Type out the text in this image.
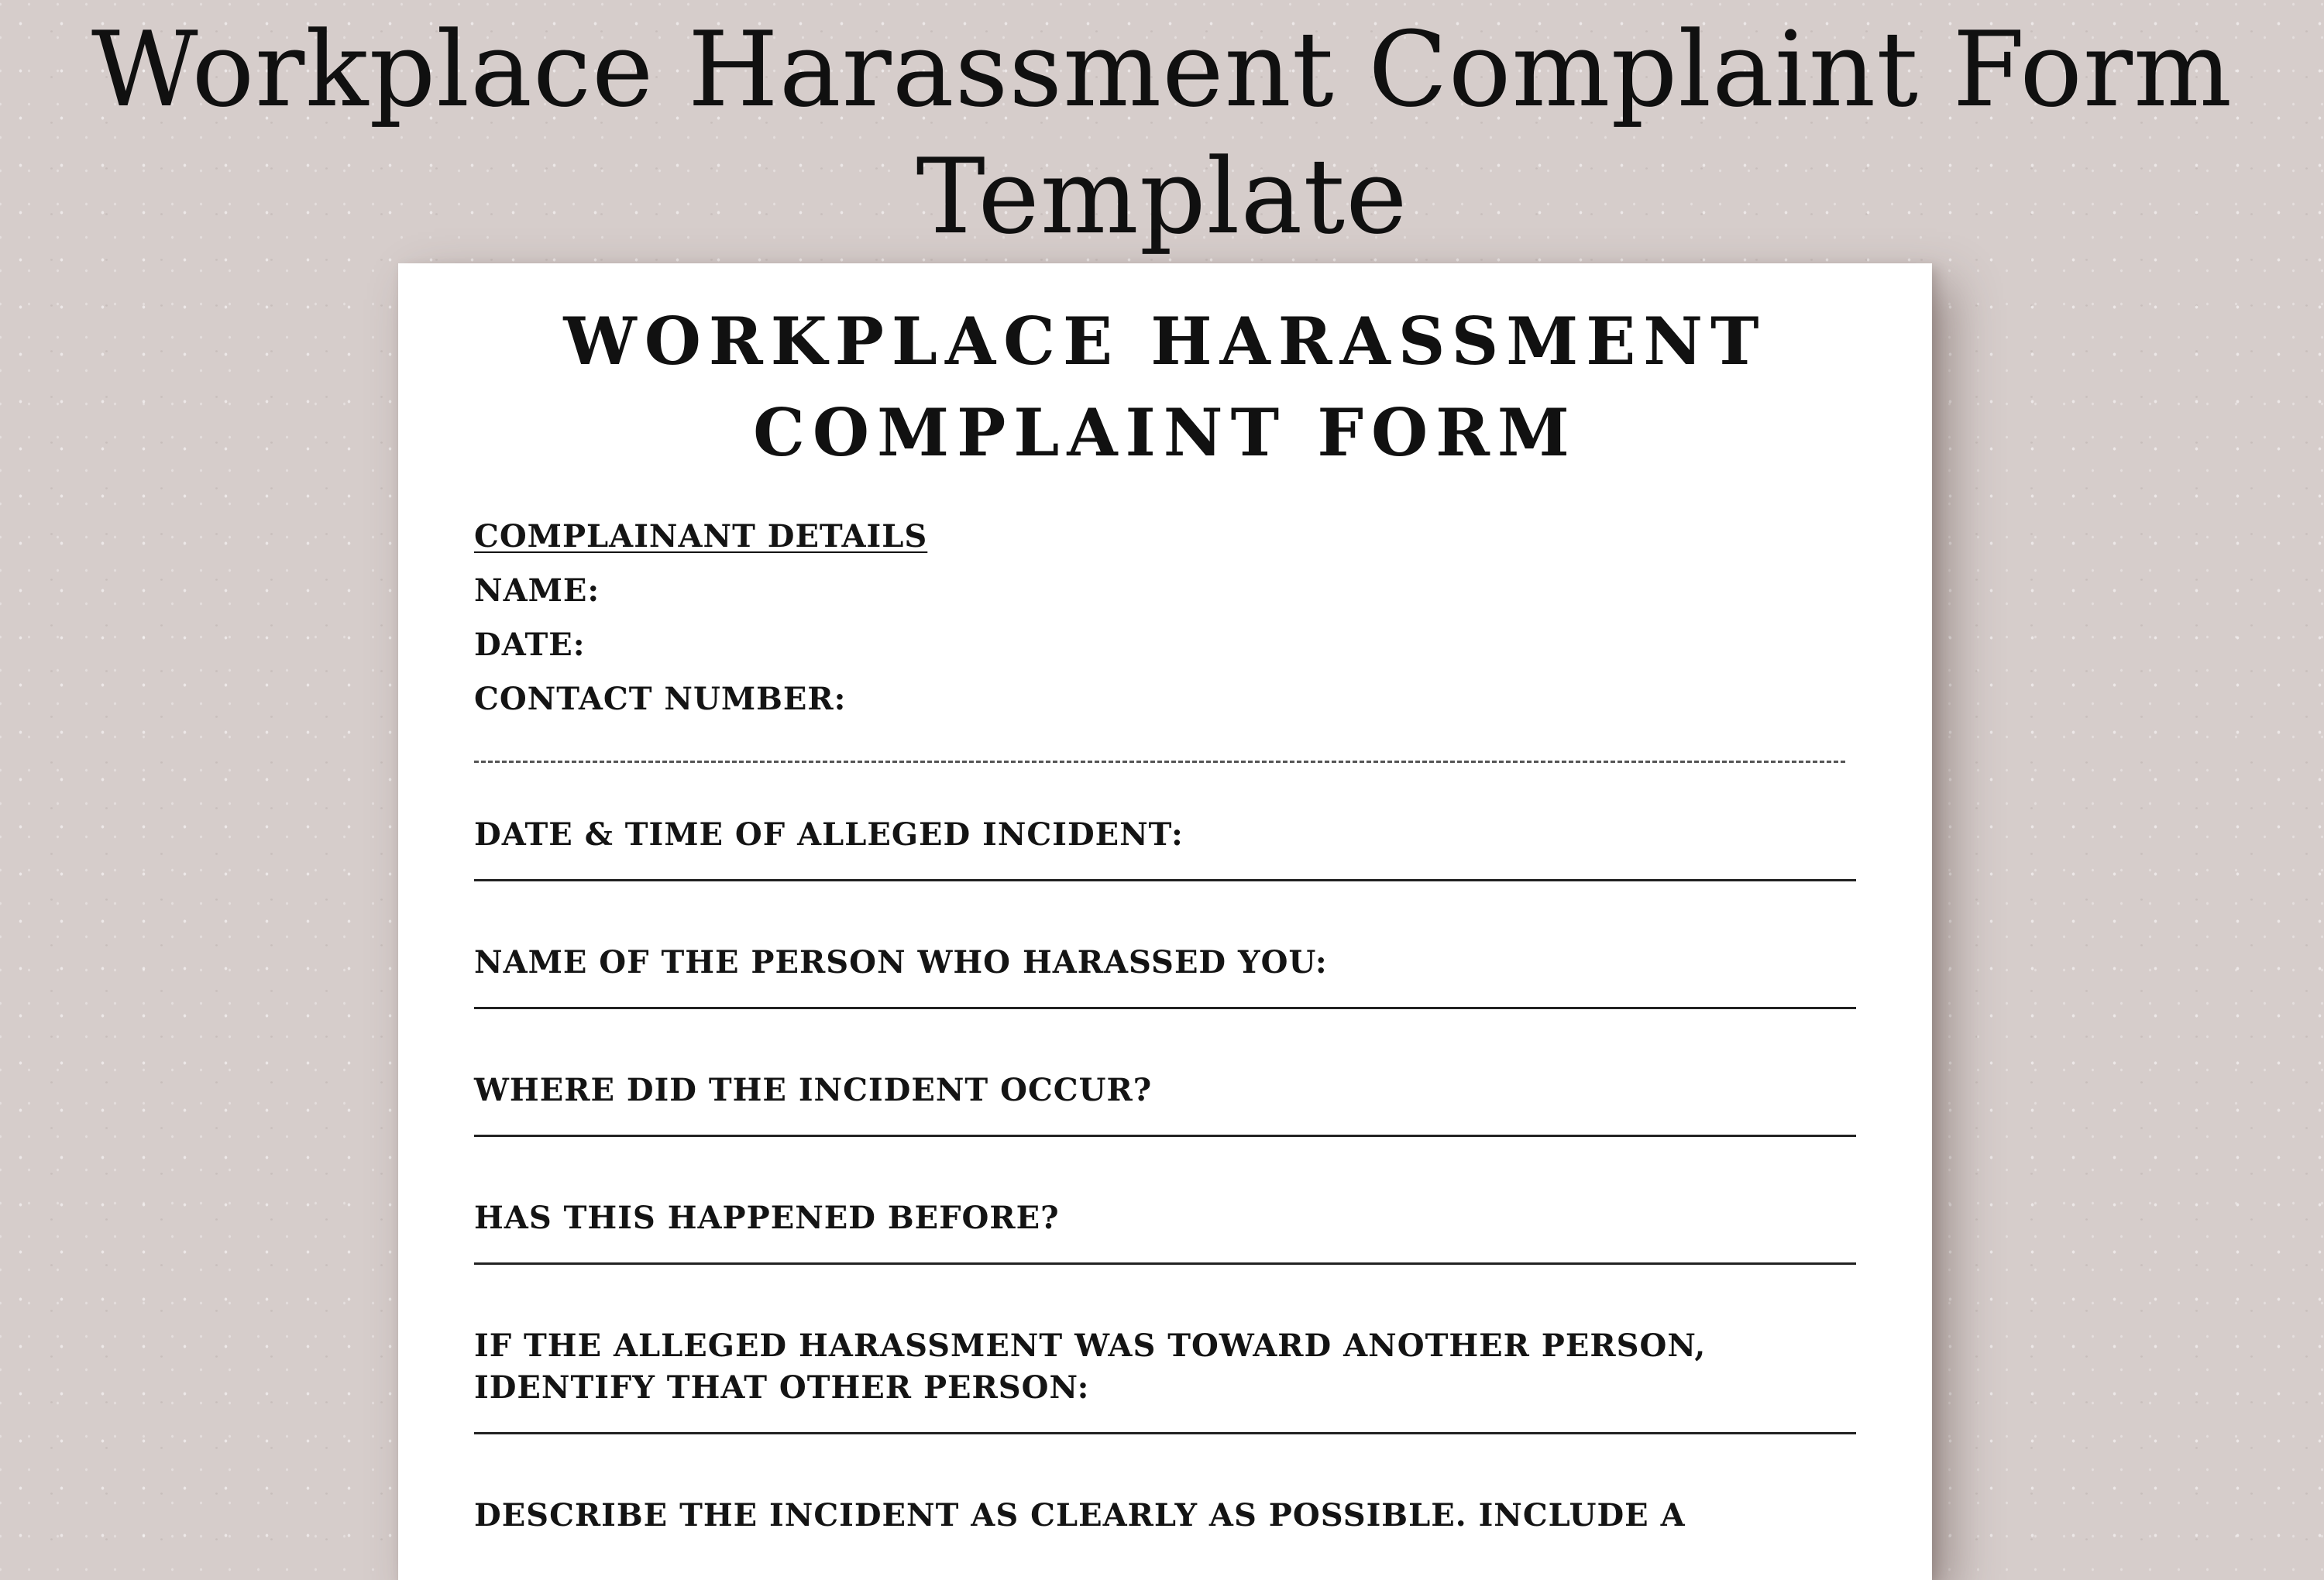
Workplace Harassment Complaint Form Template
WORKPLACE HARASSMENT
COMPLAINT FORM
COMPLAINANT DETAILS
NAME:
DATE:
CONTACT NUMBER:
DATE & TIME OF ALLEGED INCIDENT:
NAME OF THE PERSON WHO HARASSED YOU:
WHERE DID THE INCIDENT OCCUR?
HAS THIS HAPPENED BEFORE?
IF THE ALLEGED HARASSMENT WAS TOWARD ANOTHER PERSON, IDENTIFY THAT OTHER PERSON:
DESCRIBE THE INCIDENT AS CLEARLY AS POSSIBLE. INCLUDE A
